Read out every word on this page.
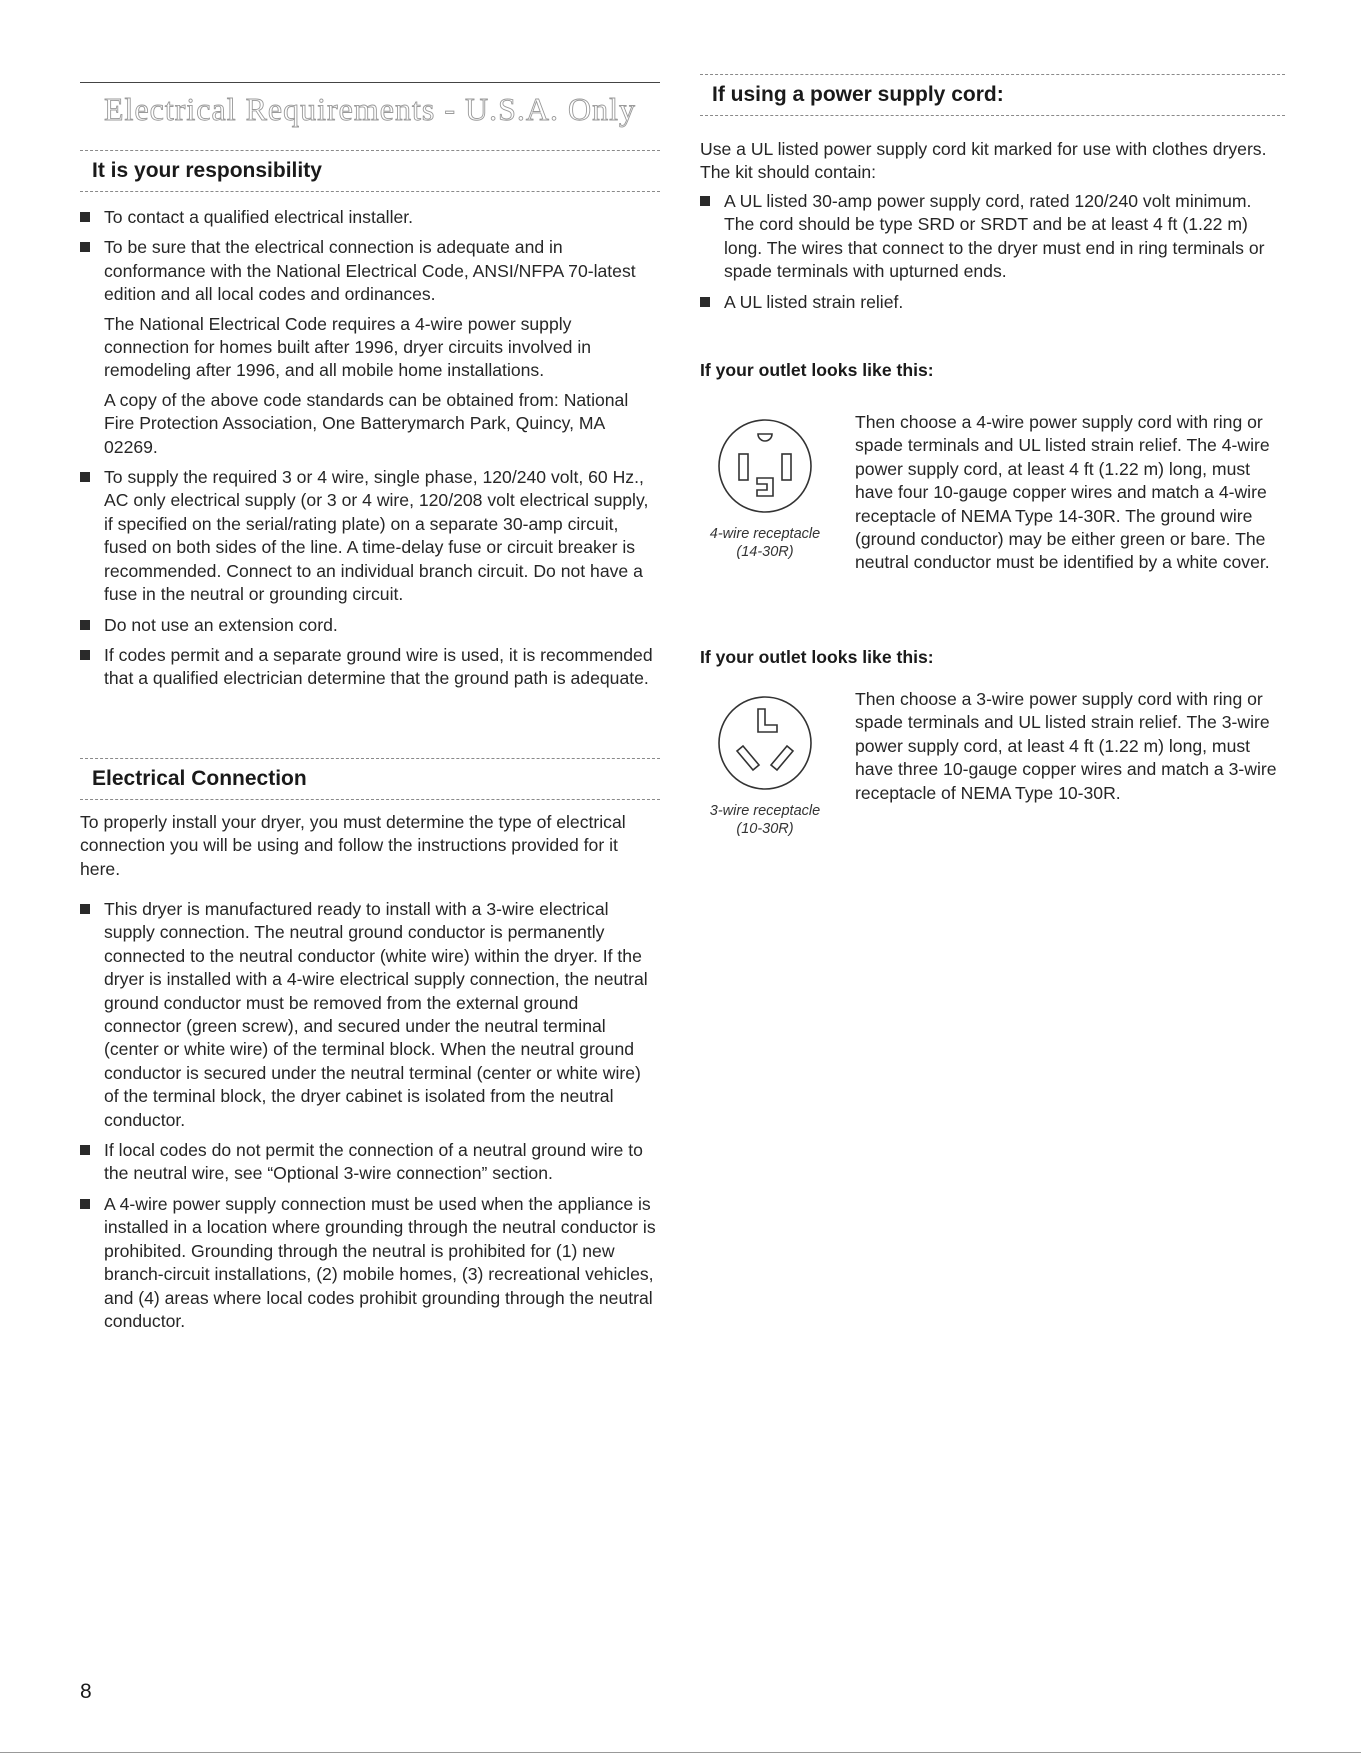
Electrical Requirements - U.S.A. Only
It is your responsibility

To contact a qualified electrical installer.

To be sure that the electrical connection is adequate and in conformance with the National Electrical Code, ANSI/NFPA 70-latest edition and all local codes and ordinances.

The National Electrical Code requires a 4-wire power supply connection for homes built after 1996, dryer circuits involved in remodeling after 1996, and all mobile home installations.

A copy of the above code standards can be obtained from: National Fire Protection Association, One Batterymarch Park, Quincy, MA 02269.

To supply the required 3 or 4 wire, single phase, 120/240 volt, 60 Hz., AC only electrical supply (or 3 or 4 wire, 120/208 volt electrical supply, if specified on the serial/rating plate) on a separate 30-amp circuit, fused on both sides of the line. A time-delay fuse or circuit breaker is recommended. Connect to an individual branch circuit. Do not have a fuse in the neutral or grounding circuit.

Do not use an extension cord.

If codes permit and a separate ground wire is used, it is recommended that a qualified electrician determine that the ground path is adequate.

Electrical Connection

To properly install your dryer, you must determine the type of electrical connection you will be using and follow the instructions provided for it here.

This dryer is manufactured ready to install with a 3-wire electrical supply connection. The neutral ground conductor is permanently connected to the neutral conductor (white wire) within the dryer. If the dryer is installed with a 4-wire electrical supply connection, the neutral ground conductor must be removed from the external ground connector (green screw), and secured under the neutral terminal (center or white wire) of the terminal block. When the neutral ground conductor is secured under the neutral terminal (center or white wire) of the terminal block, the dryer cabinet is isolated from the neutral conductor.

If local codes do not permit the connection of a neutral ground wire to the neutral wire, see “Optional 3-wire connection” section.

A 4-wire power supply connection must be used when the appliance is installed in a location where grounding through the neutral conductor is prohibited. Grounding through the neutral is prohibited for (1) new branch-circuit installations, (2) mobile homes, (3) recreational vehicles, and (4) areas where local codes prohibit grounding through the neutral conductor.

If using a power supply cord:

Use a UL listed power supply cord kit marked for use with clothes dryers. The kit should contain:

A UL listed 30-amp power supply cord, rated 120/240 volt minimum. The cord should be type SRD or SRDT and be at least 4 ft (1.22 m) long. The wires that connect to the dryer must end in ring terminals or spade terminals with upturned ends.

A UL listed strain relief.

If your outlet looks like this:
4-wire receptacle
(14-30R)

Then choose a 4-wire power supply cord with ring or spade terminals and UL listed strain relief. The 4-wire power supply cord, at least 4 ft (1.22 m) long, must have four 10-gauge copper wires and match a 4-wire receptacle of NEMA Type 14-30R. The ground wire (ground conductor) may be either green or bare. The neutral conductor must be identified by a white cover.

If your outlet looks like this:
3-wire receptacle
(10-30R)

Then choose a 3-wire power supply cord with ring or spade terminals and UL listed strain relief. The 3-wire power supply cord, at least 4 ft (1.22 m) long, must have three 10-gauge copper wires and match a 3-wire receptacle of NEMA Type 10-30R.

8
